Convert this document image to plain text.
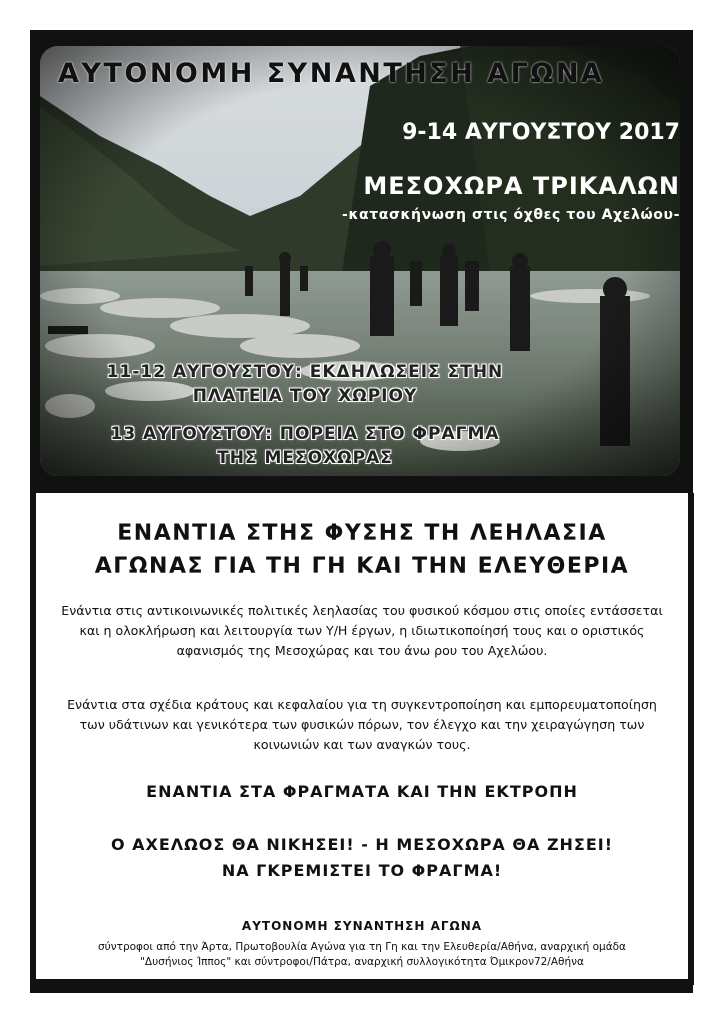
ΑΥΤΟΝΟΜΗ ΣΥΝΑΝΤΗΣΗ ΑΓΩΝΑ
9-14 ΑΥΓΟΥΣΤΟΥ 2017
ΜΕΣΟΧΩΡΑ ΤΡΙΚΑΛΩΝ
-κατασκήνωση στις όχθες του Αχελώου-
11-12 ΑΥΓΟΥΣΤΟΥ: ΕΚΔΗΛΩΣΕΙΣ ΣΤΗΝ
ΠΛΑΤΕΙΑ ΤΟΥ ΧΩΡΙΟΥ
13 ΑΥΓΟΥΣΤΟΥ: ΠΟΡΕΙΑ ΣΤΟ ΦΡΑΓΜΑ
ΤΗΣ ΜΕΣΟΧΩΡΑΣ
ΕΝΑΝΤΙΑ ΣΤΗΣ ΦΥΣΗΣ ΤΗ ΛΕΗΛΑΣΙΑ
ΑΓΩΝΑΣ ΓΙΑ ΤΗ ΓΗ ΚΑΙ ΤΗΝ ΕΛΕΥΘΕΡΙΑ
Ενάντια στις αντικοινωνικές πολιτικές λεηλασίας του φυσικού κόσμου στις οποίες εντάσσεται και η ολοκλήρωση και λειτουργία των Υ/Η έργων, η ιδιωτικοποίησή τους και ο οριστικός αφανισμός της Μεσοχώρας και του άνω ρου του Αχελώου.
Ενάντια στα σχέδια κράτους και κεφαλαίου για τη συγκεντροποίηση και εμπορευματοποίηση των υδάτινων και γενικότερα των φυσικών πόρων, τον έλεγχο και την χειραγώγηση των κοινωνιών και των αναγκών τους.
ΕΝΑΝΤΙΑ ΣΤΑ ΦΡΑΓΜΑΤΑ ΚΑΙ ΤΗΝ ΕΚΤΡΟΠΗ
Ο ΑΧΕΛΩΟΣ ΘΑ ΝΙΚΗΣΕΙ! - Η ΜΕΣΟΧΩΡΑ ΘΑ ΖΗΣΕΙ!
ΝΑ ΓΚΡΕΜΙΣΤΕΙ ΤΟ ΦΡΑΓΜΑ!
ΑΥΤΟΝΟΜΗ ΣΥΝΑΝΤΗΣΗ ΑΓΩΝΑ
σύντροφοι από την Άρτα, Πρωτοβουλία Αγώνα για τη Γη και την Ελευθερία/Αθήνα, αναρχική ομάδα "Δυσήνιος Ίππος" και σύντροφοι/Πάτρα, αναρχική συλλογικότητα Όμικρον72/Αθήνα
